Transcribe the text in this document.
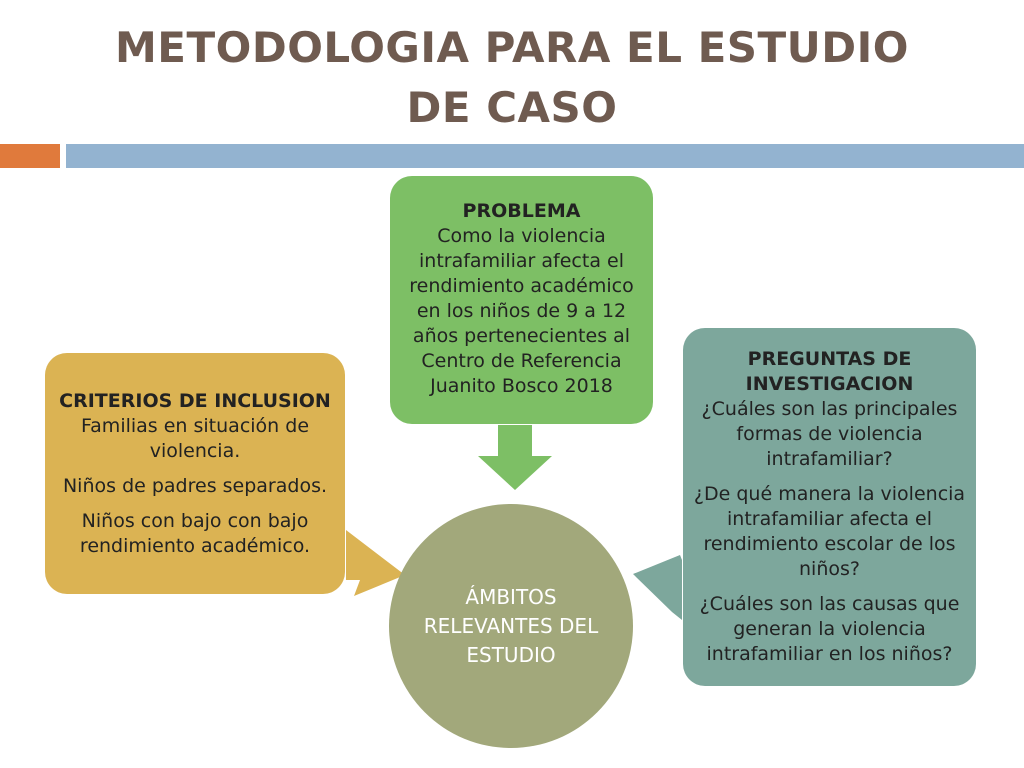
METODOLOGIA PARA EL ESTUDIO
DE CASO

PROBLEMA

Como la violencia intrafamiliar afecta el rendimiento académico en los niños de 9 a 12 años pertenecientes al Centro de Referencia Juanito Bosco 2018

CRITERIOS DE INCLUSION

Familias en situación de violencia.

Niños de padres separados.

Niños con bajo con bajo rendimiento académico.

PREGUNTAS DE INVESTIGACION

¿Cuáles son las principales formas de violencia intrafamiliar?

¿De qué manera la violencia intrafamiliar afecta el rendimiento escolar de los niños?

¿Cuáles son las causas que generan la violencia intrafamiliar en los niños?

ÁMBITOS RELEVANTES DEL ESTUDIO
